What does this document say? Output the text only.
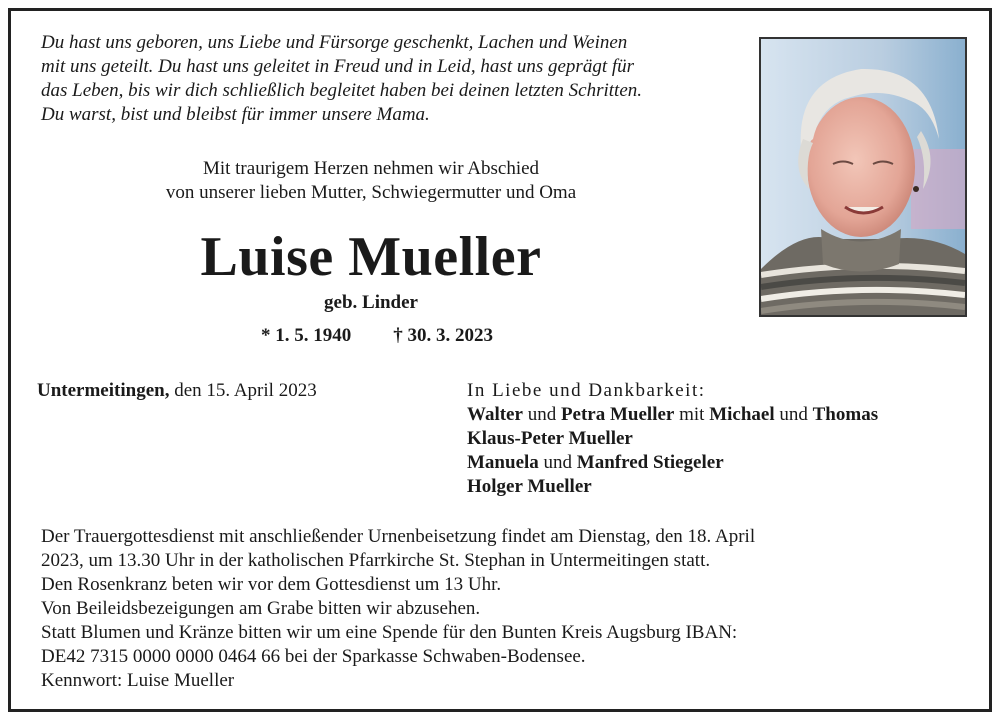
Du hast uns geboren, uns Liebe und Fürsorge geschenkt, Lachen und Weinen
mit uns geteilt. Du hast uns geleitet in Freud und in Leid, hast uns geprägt für
das Leben, bis wir dich schließlich begleitet haben bei deinen letzten Schritten.
Du warst, bist und bleibst für immer unsere Mama.
Mit traurigem Herzen nehmen wir Abschied
von unserer lieben Mutter, Schwiegermutter und Oma
Luise Mueller
geb. Linder
* 1. 5. 1940 † 30. 3. 2023
Untermeitingen, den 15. April 2023	In Liebe und Dankbarkeit:
Walter und Petra Mueller mit Michael und Thomas
Klaus-Peter Mueller
Manuela und Manfred Stiegeler
Holger Mueller
Der Trauergottesdienst mit anschließender Urnenbeisetzung findet am Dienstag, den 18. April
2023, um 13.30 Uhr in der katholischen Pfarrkirche St. Stephan in Untermeitingen statt.
Den Rosenkranz beten wir vor dem Gottesdienst um 13 Uhr.
Von Beileidsbezeigungen am Grabe bitten wir abzusehen.
Statt Blumen und Kränze bitten wir um eine Spende für den Bunten Kreis Augsburg IBAN:
DE42 7315 0000 0000 0464 66 bei der Sparkasse Schwaben-Bodensee.
Kennwort: Luise Mueller
